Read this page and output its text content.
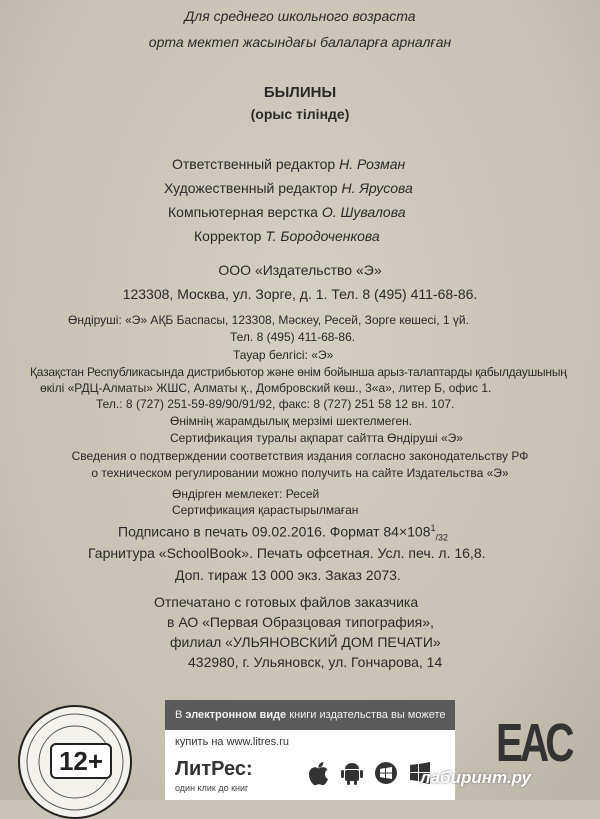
Для среднего школьного возраста
орта мектеп жасындағы балаларға арналған
БЫЛИНЫ
(орыс тілінде)
Ответственный редактор Н. Розман
Художественный редактор Н. Ярусова
Компьютерная верстка О. Шувалова
Корректор Т. Бородоченкова
ООО «Издательство «Э»
123308, Москва, ул. Зорге, д. 1. Тел. 8 (495) 411-68-86.
Өндіруші: «Э» АҚБ Баспасы, 123308, Мәскеу, Ресей, Зорге көшесі, 1 үй.
Тел. 8 (495) 411-68-86.
Тауар белгісі: «Э»
Қазақстан Республикасында дистрибьютор және өнім бойынша арыз-талаптарды қабылдаушының
өкілі «РДЦ-Алматы» ЖШС, Алматы қ., Домбровский көш., 3«а», литер Б, офис 1.
Тел.: 8 (727) 251-59-89/90/91/92, факс: 8 (727) 251 58 12 вн. 107.
Өнімнің жарамдылық мерзімі шектелмеген.
Сертификация туралы ақпарат сайтта Өндіруші «Э»
Сведения о подтверждении соответствия издания согласно законодательству РФ
о техническом регулировании можно получить на сайте Издательства «Э»
Өндірген мемлекет: Ресей
Сертификация қарастырылмаған
Подписано в печать 09.02.2016. Формат $84\times 108^1_{/32}$
Гарнитура «SchoolBook». Печать офсетная. Усл. печ. л. 16,8.
Доп. тираж 13 000 экз. Заказ 2073.
Отпечатано с готовых файлов заказчика
в АО «Первая Образцовая типография»,
филиал «УЛЬЯНОВСКИЙ ДОМ ПЕЧАТИ»
432980, г. Ульяновск, ул. Гончарова, 14
12+
В электронном виде книги издательства вы можете
купить на www.litres.ru
ЛитРес:
один клик до книг
ЕАС
лабиринт.ру
